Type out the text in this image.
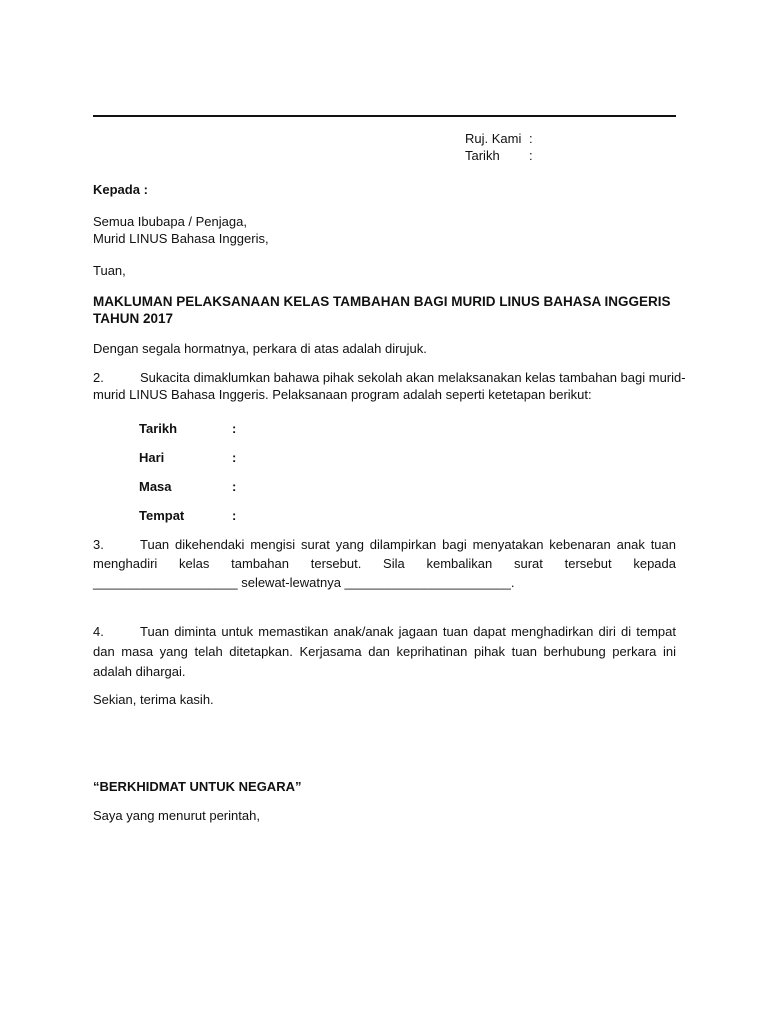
Ruj. Kami :
Tarikh :
Kepada :
Semua Ibubapa / Penjaga,
Murid LINUS Bahasa Inggeris,
Tuan,
MAKLUMAN PELAKSANAAN KELAS TAMBAHAN BAGI MURID LINUS BAHASA INGGERIS
TAHUN 2017
Dengan segala hormatnya, perkara di atas adalah dirujuk.
2.	Sukacita dimaklumkan bahawa pihak sekolah akan melaksanakan kelas tambahan bagi murid-
murid LINUS Bahasa Inggeris. Pelaksanaan program adalah seperti ketetapan berikut:
Tarikh	:
Hari	:
Masa	:
Tempat	:
3.	Tuan dikehendaki mengisi surat yang dilampirkan bagi menyatakan kebenaran anak tuan menghadiri kelas tambahan tersebut. Sila kembalikan surat tersebut kepada ____________________ selewat-lewatnya _______________________.
4.	Tuan diminta untuk memastikan anak/anak jagaan tuan dapat menghadirkan diri di tempat dan masa yang telah ditetapkan. Kerjasama dan keprihatinan pihak tuan berhubung perkara ini adalah dihargai.
Sekian, terima kasih.
“BERKHIDMAT UNTUK NEGARA”
Saya yang menurut perintah,
